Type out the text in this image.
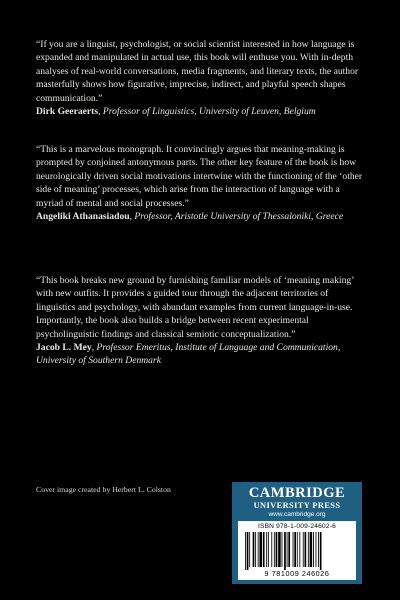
“If you are a linguist, psychologist, or social scientist interested in how language is expanded and manipulated in actual use, this book will enthuse you. With in-depth analyses of real-world conversations, media fragments, and literary texts, the author masterfully shows how figurative, imprecise, indirect, and playful speech shapes communication.”

Dirk Geeraerts, Professor of Linguistics, University of Leuven, Belgium

“This is a marvelous monograph. It convincingly argues that meaning-making is prompted by conjoined antonymous parts. The other key feature of the book is how neurologically driven social motivations intertwine with the functioning of the ‘other side of meaning’ processes, which arise from the interaction of language with a myriad of mental and social processes.”

Angeliki Athanasiadou, Professor, Aristotle University of Thessaloniki, Greece

“This book breaks new ground by furnishing familiar models of ‘meaning making’ with new outfits. It provides a guided tour through the adjacent territories of linguistics and psychology, with abundant examples from current language-in-use. Importantly, the book also builds a bridge between recent experimental psycholinguistic findings and classical semiotic conceptualization.”

Jacob L. Mey, Professor Emeritus, Institute of Language and Communication, University of Southern Denmark

Cover image created by Herbert L. Colston	CAMBRIDGE
UNIVERSITY PRESS
www.cambridge.org
ISBN 978-1-009-24602-6
9 781009 246026
